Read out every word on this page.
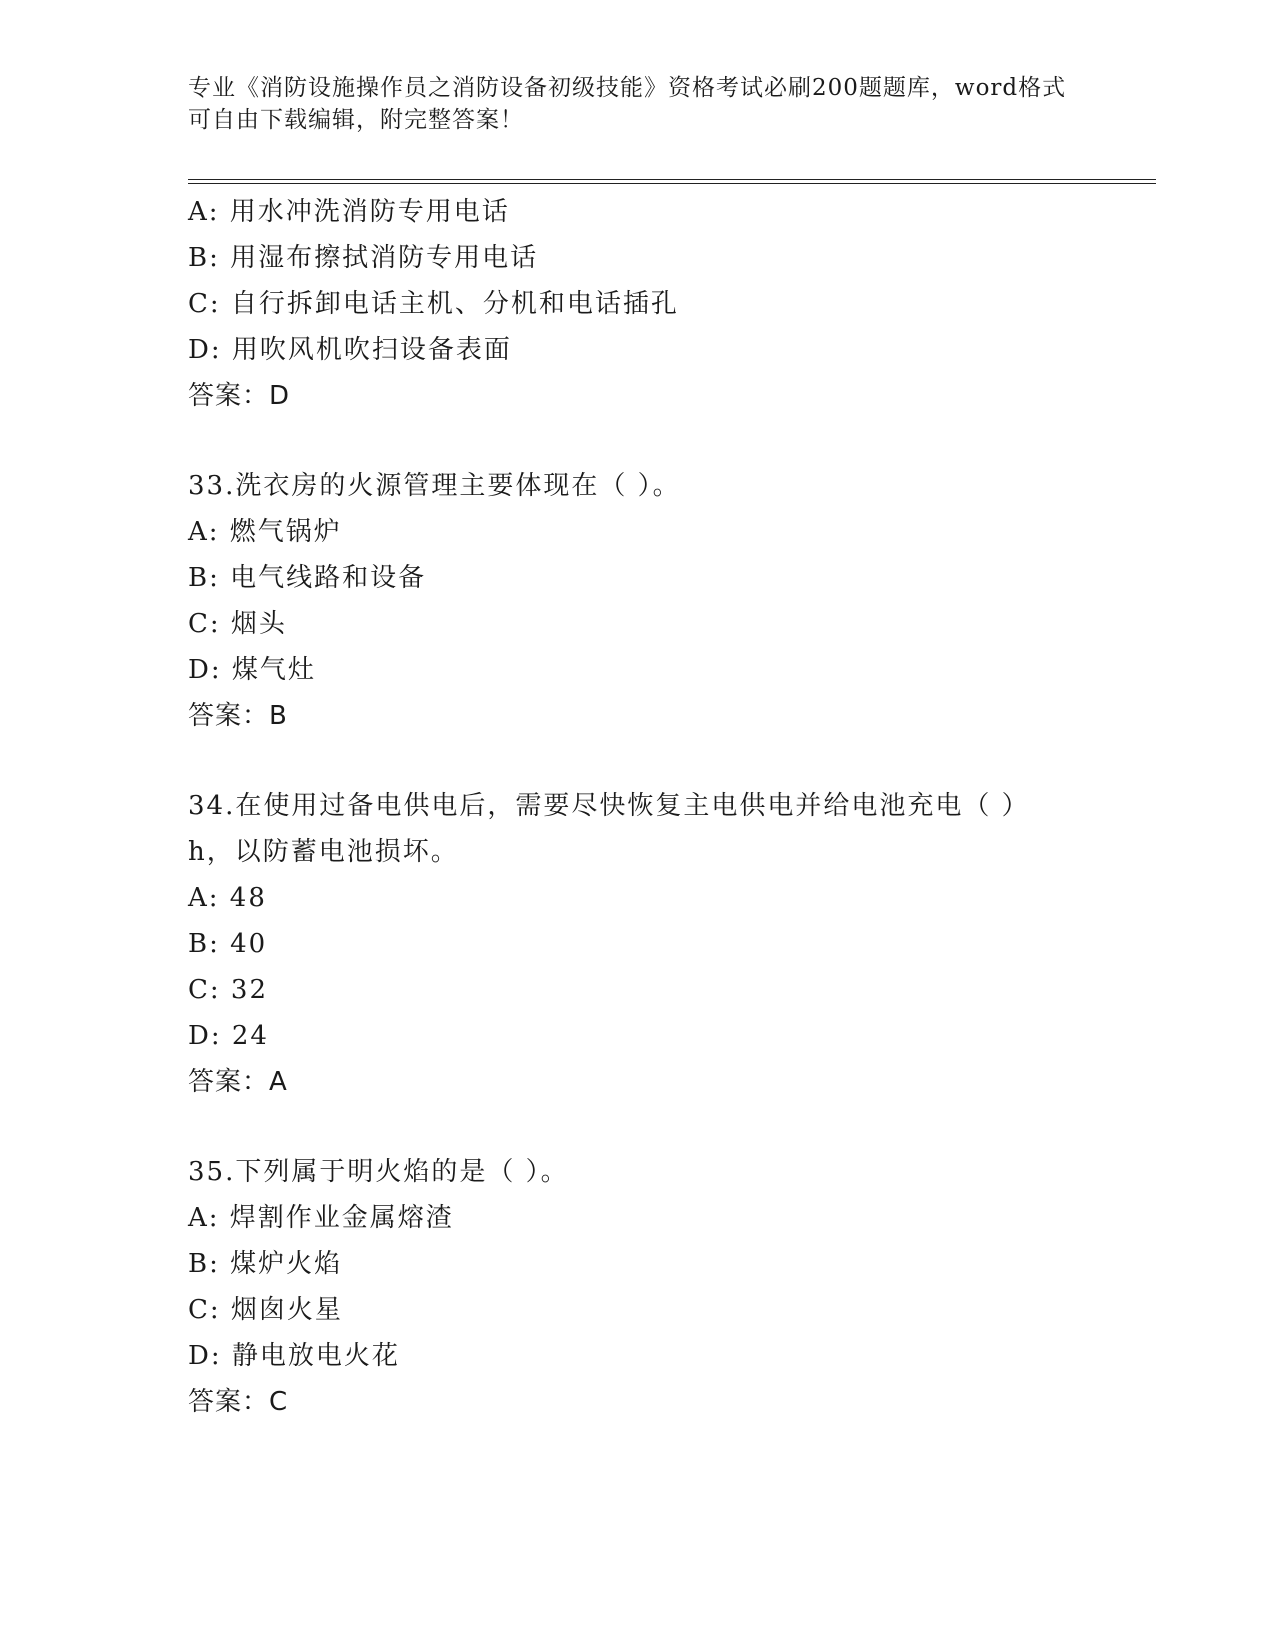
专业《消防设施操作员之消防设备初级技能》资格考试必刷200题题库，word格式可自由下载编辑，附完整答案！
A: 用水冲洗消防专用电话
B: 用湿布擦拭消防专用电话
C: 自行拆卸电话主机、分机和电话插孔
D: 用吹风机吹扫设备表面
答案：D
33.洗衣房的火源管理主要体现在（ ）。
A: 燃气锅炉
B: 电气线路和设备
C: 烟头
D: 煤气灶
答案：B
34.在使用过备电供电后，需要尽快恢复主电供电并给电池充电（ ）
h，以防蓄电池损坏。
A: 48
B: 40
C: 32
D: 24
答案：A
35.下列属于明火焰的是（ ）。
A: 焊割作业金属熔渣
B: 煤炉火焰
C: 烟囱火星
D: 静电放电火花
答案：C
